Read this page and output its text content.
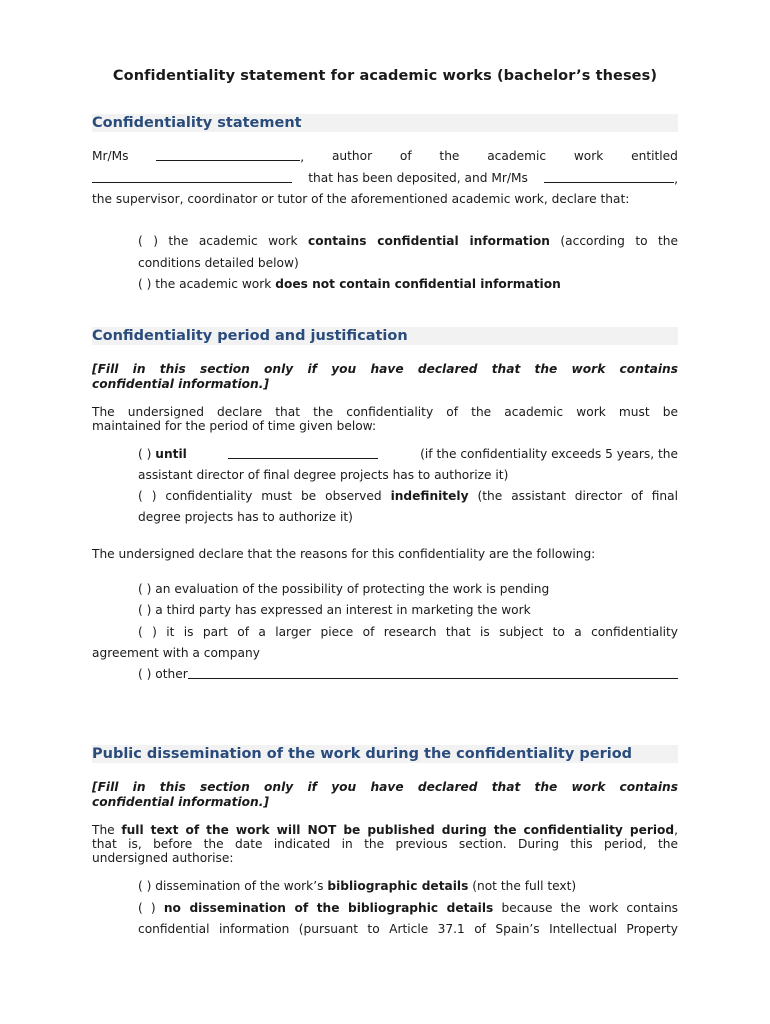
Confidentiality statement for academic works (bachelor’s theses)
Confidentiality statement
Mr/Ms	, author of the academic work entitled
that has been deposited, and Mr/Ms	,
the supervisor, coordinator or tutor of the aforementioned academic work, declare that:
( ) the academic work contains confidential information (according to the
conditions detailed below)
( ) the academic work does not contain confidential information
Confidentiality period and justification
[Fill in this section only if you have declared that the work contains
confidential information.]
The undersigned declare that the confidentiality of the academic work must be
maintained for the period of time given below:
( ) until	(if the confidentiality exceeds 5 years, the
assistant director of final degree projects has to authorize it)
( ) confidentiality must be observed indefinitely (the assistant director of final
degree projects has to authorize it)
The undersigned declare that the reasons for this confidentiality are the following:
( ) an evaluation of the possibility of protecting the work is pending
( ) a third party has expressed an interest in marketing the work
( ) it is part of a larger piece of research that is subject to a confidentiality
agreement with a company
( ) other
Public dissemination of the work during the confidentiality period
[Fill in this section only if you have declared that the work contains
confidential information.]
The full text of the work will NOT be published during the confidentiality period,
that is, before the date indicated in the previous section. During this period, the
undersigned authorise:
( ) dissemination of the work’s bibliographic details (not the full text)
( ) no dissemination of the bibliographic details because the work contains
confidential information (pursuant to Article 37.1 of Spain’s Intellectual Property
